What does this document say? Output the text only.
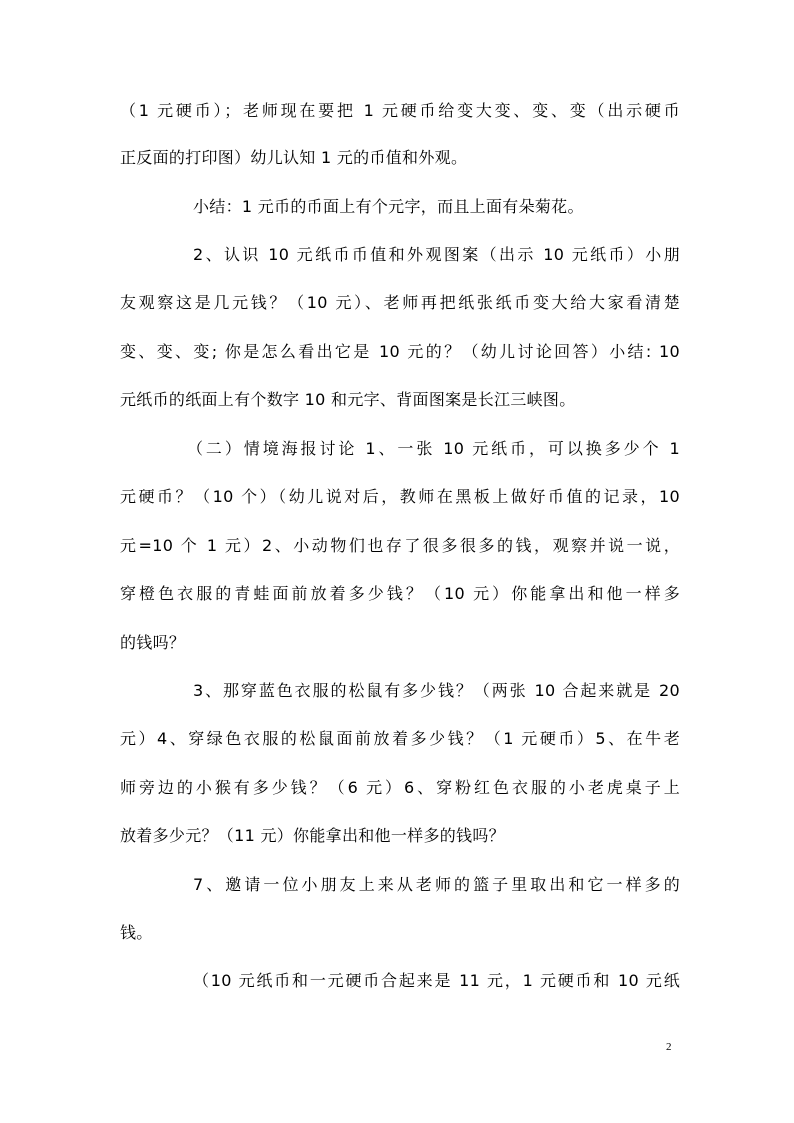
（1 元硬币）；老师现在要把 1 元硬币给变大变、变、变（出示硬币
正反面的打印图）幼儿认知 1 元的币值和外观。
小结：1 元币的币面上有个元字，而且上面有朵菊花。
2、认识 10 元纸币币值和外观图案（出示 10 元纸币）小朋
友观察这是几元钱？（10 元）、老师再把纸张纸币变大给大家看清楚
变、变、变; 你是怎么看出它是 10 元的？（幼儿讨论回答）小结: 10
元纸币的纸面上有个数字 10 和元字、背面图案是长江三峡图。
（二）情境海报讨论 1、一张 10 元纸币，可以换多少个 1
元硬币？（10 个）（幼儿说对后，教师在黑板上做好币值的记录，10
元=10 个 1 元）2、小动物们也存了很多很多的钱，观察并说一说，
穿橙色衣服的青蛙面前放着多少钱？（10 元）你能拿出和他一样多
的钱吗？
3、那穿蓝色衣服的松鼠有多少钱？（两张 10 合起来就是 20
元）4、穿绿色衣服的松鼠面前放着多少钱？（1 元硬币）5、在牛老
师旁边的小猴有多少钱？（6 元）6、穿粉红色衣服的小老虎桌子上
放着多少元？（11 元）你能拿出和他一样多的钱吗？
7、邀请一位小朋友上来从老师的篮子里取出和它一样多的
钱。
（10 元纸币和一元硬币合起来是 11 元，1 元硬币和 10 元纸
2
